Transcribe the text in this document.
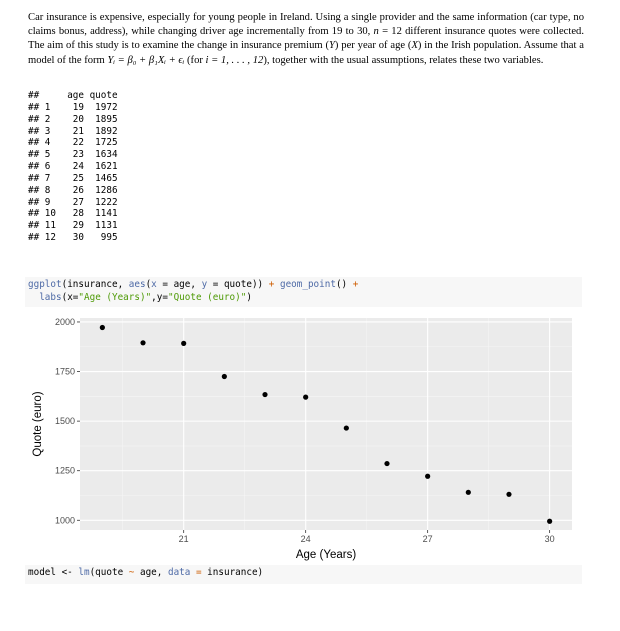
Car insurance is expensive, especially for young people in Ireland. Using a single provider and the same information (car type, no claims bonus, address), while changing driver age incrementally from 19 to 30, n = 12 different insurance quotes were collected. The aim of this study is to examine the change in insurance premium (Y) per year of age (X) in the Irish population. Assume that a model of the form Yᵢ = β₀ + β₁Xᵢ + ϵᵢ (for i = 1, . . . , 12), together with the usual assumptions, relates these two variables.

##     age quote
## 1    19  1972
## 2    20  1895
## 3    21  1892
## 4    22  1725
## 5    23  1634
## 6    24  1621
## 7    25  1465
## 8    26  1286
## 9    27  1222
## 10   28  1141
## 11   29  1131
## 12   30   995
ggplot(insurance, aes(x = age, y = quote)) + geom_point() +
labs(x="Age (Years)",y="Quote (euro)")
21	24	27	30
1000
1250
1500
1750
2000
Age (Years)
Quote (euro)
model <- lm(quote ~ age, data = insurance)
